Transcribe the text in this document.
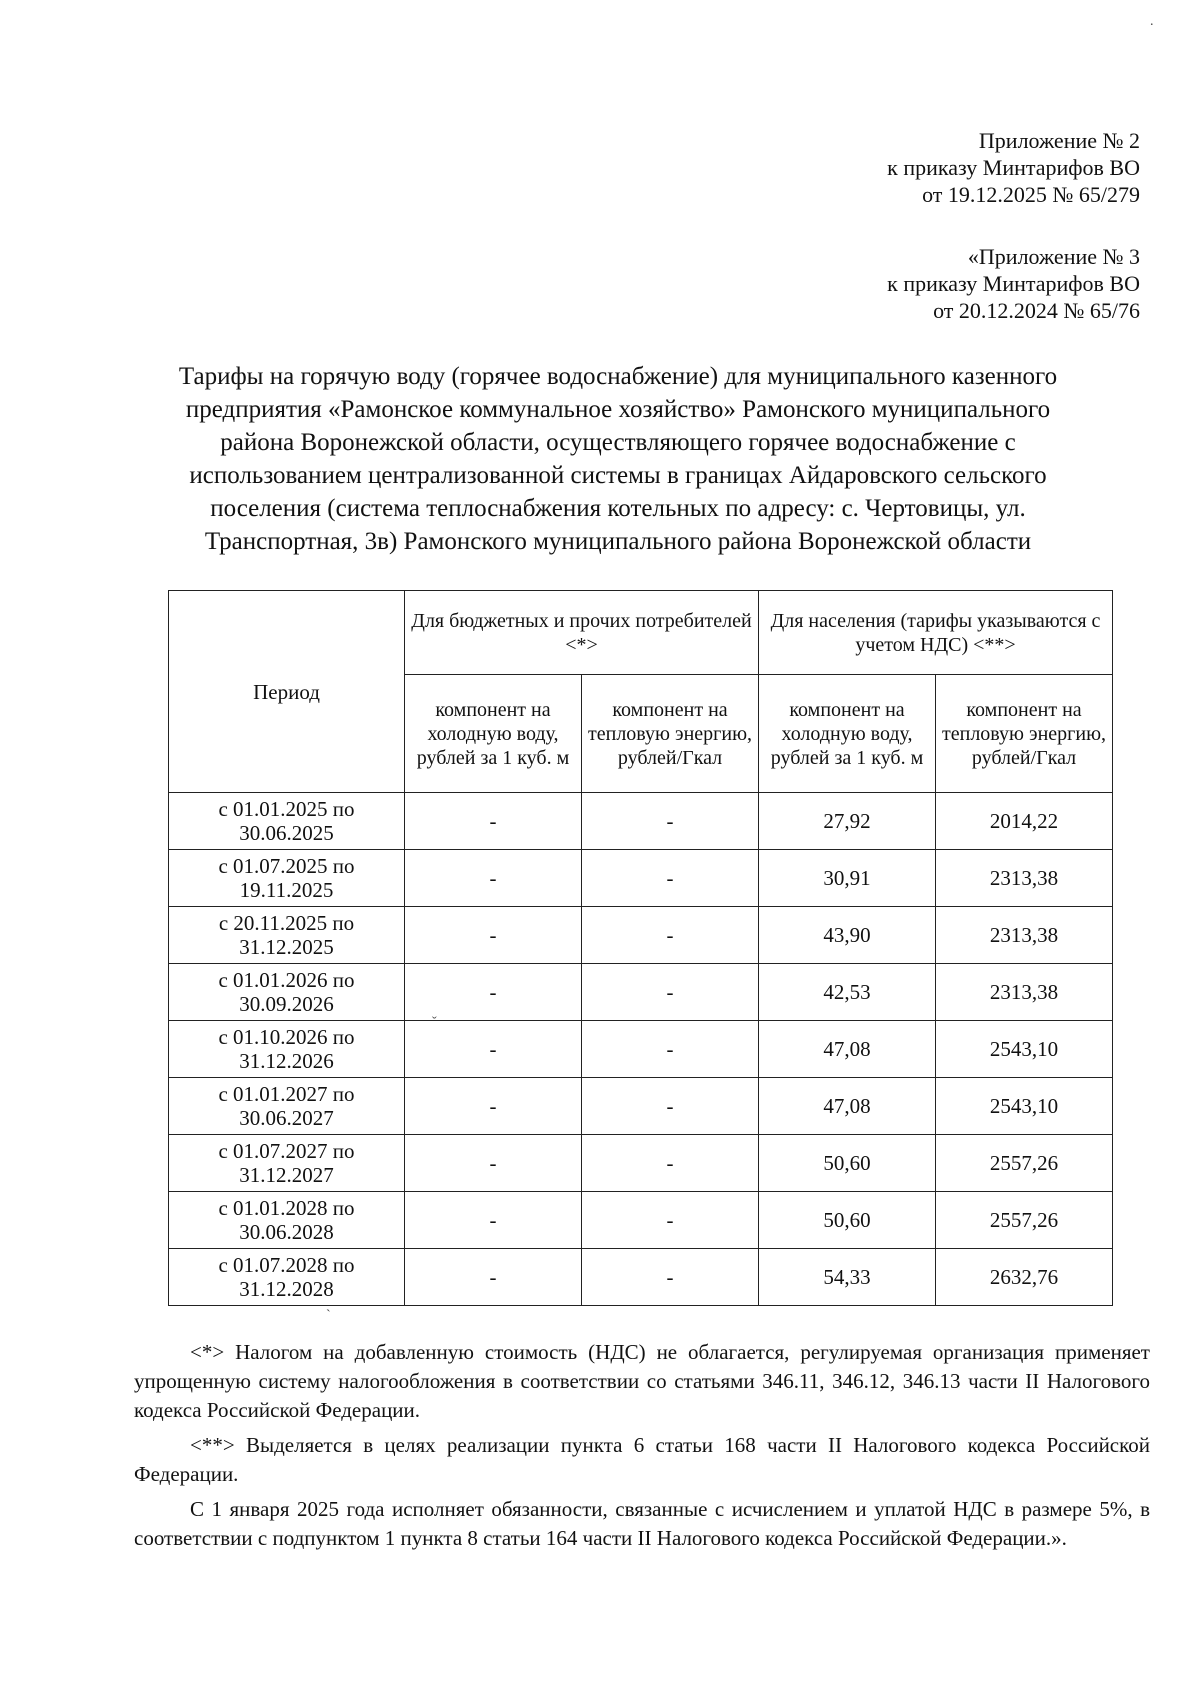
Приложение № 2
к приказу Минтарифов ВО
от 19.12.2025 № 65/279
«Приложение № 3
к приказу Минтарифов ВО
от 20.12.2024 № 65/76
Тарифы на горячую воду (горячее водоснабжение) для муниципального казенного
предприятия «Рамонское коммунальное хозяйство» Рамонского муниципального
района Воронежской области, осуществляющего горячее водоснабжение с
использованием централизованной системы в границах Айдаровского сельского
поселения (система теплоснабжения котельных по адресу: с. Чертовицы, ул.
Транспортная, 3в) Рамонского муниципального района Воронежской области
Период	Для бюджетных и прочих потребителей <*>		Для населения (тарифы указываются с учетом НДС) <**>	
	компонент на холодную воду, рублей за 1 куб. м	компонент на тепловую энергию, рублей/Гкал	компонент на холодную воду, рублей за 1 куб. м	компонент на тепловую энергию, рублей/Гкал
с 01.01.2025 по 30.06.2025	-	-	27,92	2014,22
с 01.07.2025 по 19.11.2025	-	-	30,91	2313,38
с 20.11.2025 по 31.12.2025	-	-	43,90	2313,38
с 01.01.2026 по 30.09.2026	-	-	42,53	2313,38
с 01.10.2026 по 31.12.2026	-	-	47,08	2543,10
с 01.01.2027 по 30.06.2027	-	-	47,08	2543,10
с 01.07.2027 по 31.12.2027	-	-	50,60	2557,26
с 01.01.2028 по 30.06.2028	-	-	50,60	2557,26
с 01.07.2028 по 31.12.2028	-	-	54,33	2632,76

<*> Налогом на добавленную стоимость (НДС) не облагается, регулируемая организация применяет упрощенную систему налогообложения в соответствии со статьями 346.11, 346.12, 346.13 части II Налогового кодекса Российской Федерации.

<**> Выделяется в целях реализации пункта 6 статьи 168 части II Налогового кодекса Российской Федерации.

С 1 января 2025 года исполняет обязанности, связанные с исчислением и уплатой НДС в размере 5%, в соответствии с подпунктом 1 пункта 8 статьи 164 части II Налогового кодекса Российской Федерации.».

.
ˇ
ˋ
